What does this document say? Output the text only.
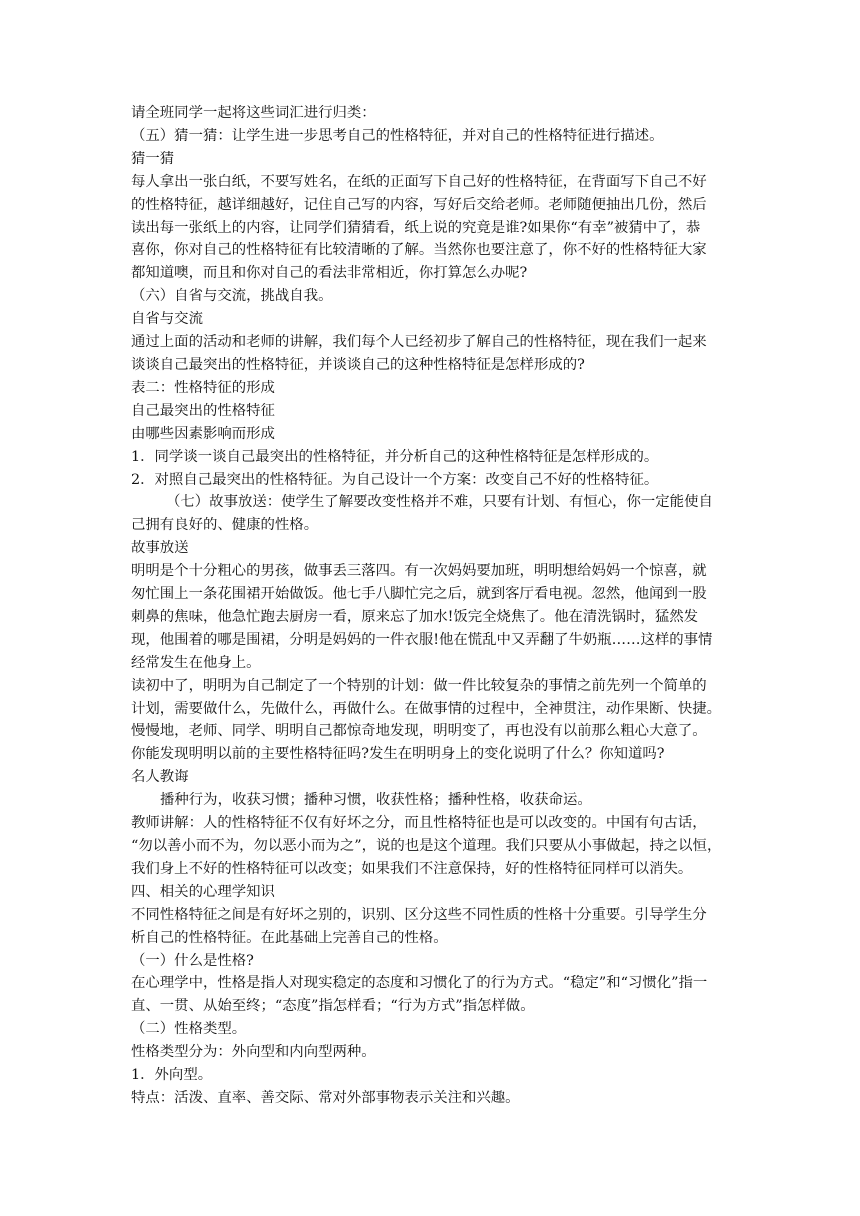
请全班同学一起将这些词汇进行归类：

（五）猜一猜：让学生进一步思考自己的性格特征，并对自己的性格特征进行描述。

猜一猜

每人拿出一张白纸，不要写姓名，在纸的正面写下自己好的性格特征，在背面写下自己不好

的性格特征，越详细越好，记住自己写的内容，写好后交给老师。老师随便抽出几份，然后

读出每一张纸上的内容，让同学们猜猜看，纸上说的究竟是谁?如果你“有幸”被猜中了，恭

喜你，你对自己的性格特征有比较清晰的了解。当然你也要注意了，你不好的性格特征大家

都知道噢，而且和你对自己的看法非常相近，你打算怎么办呢?

（六）自省与交流，挑战自我。

自省与交流

通过上面的活动和老师的讲解，我们每个人已经初步了解自己的性格特征，现在我们一起来

谈谈自己最突出的性格特征，并谈谈自己的这种性格特征是怎样形成的?

表二：性格特征的形成

自己最突出的性格特征

由哪些因素影响而形成

1．同学谈一谈自己最突出的性格特征，并分析自己的这种性格特征是怎样形成的。

2．对照自己最突出的性格特征。为自己设计一个方案：改变自己不好的性格特征。

（七）故事放送：使学生了解要改变性格并不难，只要有计划、有恒心，你一定能使自

己拥有良好的、健康的性格。

故事放送

明明是个十分粗心的男孩，做事丢三落四。有一次妈妈要加班，明明想给妈妈一个惊喜，就

匆忙围上一条花围裙开始做饭。他七手八脚忙完之后，就到客厅看电视。忽然，他闻到一股

刺鼻的焦味，他急忙跑去厨房一看，原来忘了加水!饭完全烧焦了。他在清洗锅时，猛然发

现，他围着的哪是围裙，分明是妈妈的一件衣服!他在慌乱中又弄翻了牛奶瓶……这样的事情

经常发生在他身上。

读初中了，明明为自己制定了一个特别的计划：做一件比较复杂的事情之前先列一个简单的

计划，需要做什么，先做什么，再做什么。在做事情的过程中，全神贯注，动作果断、快捷。

慢慢地，老师、同学、明明自己都惊奇地发现，明明变了，再也没有以前那么粗心大意了。

你能发现明明以前的主要性格特征吗?发生在明明身上的变化说明了什么？你知道吗?

名人教诲

播种行为，收获习惯；播种习惯，收获性格；播种性格，收获命运。

教师讲解：人的性格特征不仅有好坏之分，而且性格特征也是可以改变的。中国有句古话，

“勿以善小而不为，勿以恶小而为之”，说的也是这个道理。我们只要从小事做起，持之以恒，

我们身上不好的性格特征可以改变；如果我们不注意保持，好的性格特征同样可以消失。

四、相关的心理学知识

不同性格特征之间是有好坏之别的，识别、区分这些不同性质的性格十分重要。引导学生分

析自己的性格特征。在此基础上完善自己的性格。

（一）什么是性格?

在心理学中，性格是指人对现实稳定的态度和习惯化了的行为方式。“稳定”和“习惯化”指一

直、一贯、从始至终；“态度”指怎样看；“行为方式”指怎样做。

（二）性格类型。

性格类型分为：外向型和内向型两种。

1．外向型。

特点：活泼、直率、善交际、常对外部事物表示关注和兴趣。
